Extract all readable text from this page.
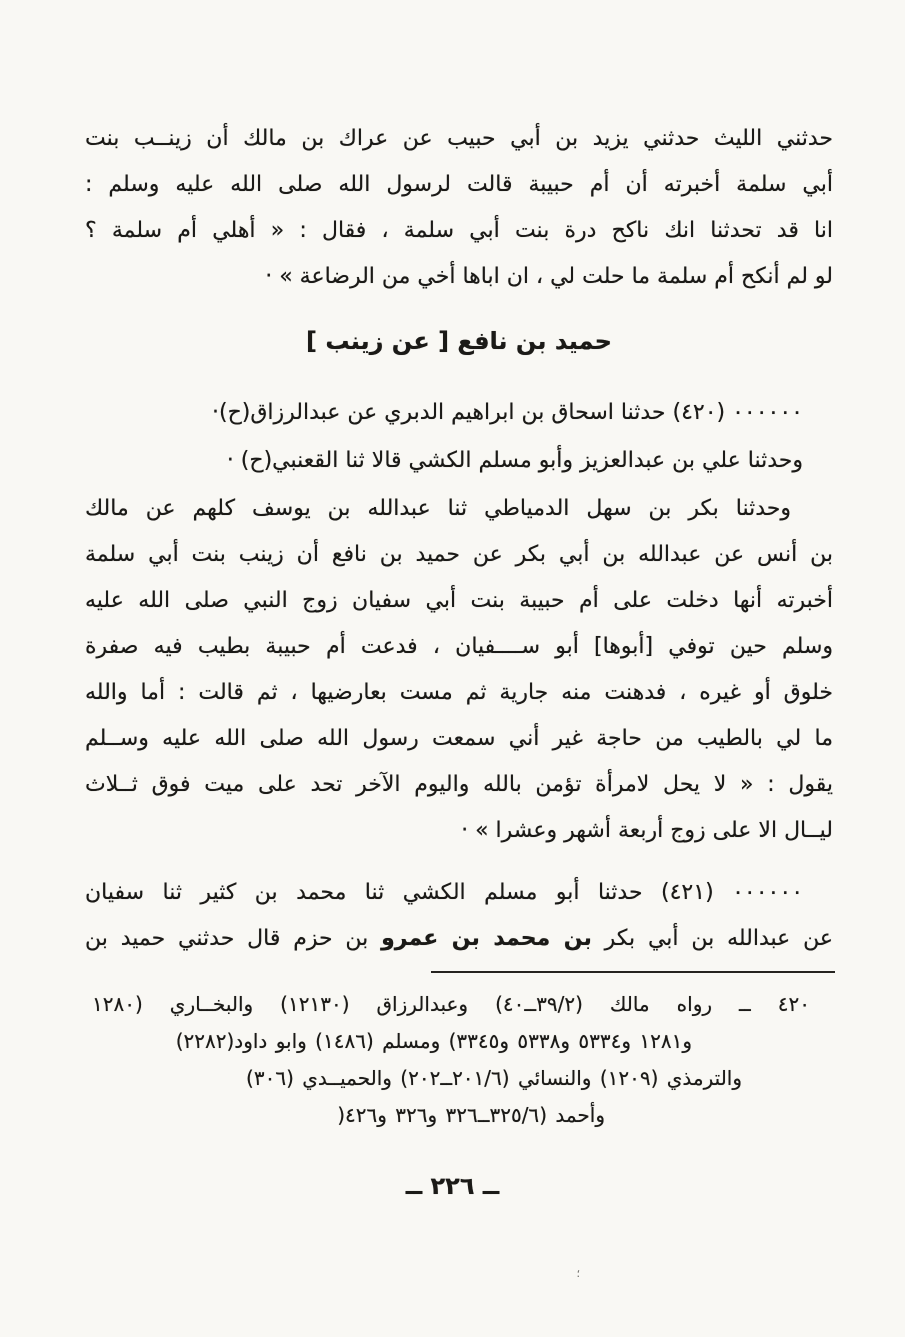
حدثني الليث حدثني يزيد بن أبي حبيب عن عراك بن مالك أن زينــب بنت
أبي سلمة أخبرته أن أم حبيبة قالت لرسول الله صلى الله عليه وسلم :
انا قد تحدثنا انك ناكح درة بنت أبي سلمة ، فقال : « أهلي أم سلمة ؟
لو لم أنكح أم سلمة ما حلت لي ، ان اباها أخي من الرضاعة » ·
حميد بن نافع [ عن زينب ]
٠٠٠٠٠٠ (٤٢٠) حدثنا اسحاق بن ابراهيم الدبري عن عبدالرزاق(ح)·
وحدثنا علي بن عبدالعزيز وأبو مسلم الكشي قالا ثنا القعنبي(ح) ·
وحدثنا بكر بن سهل الدمياطي ثنا عبدالله بن يوسف كلهم عن مالك
بن أنس عن عبدالله بن أبي بكر عن حميد بن نافع أن زينب بنت أبي سلمة
أخبرته أنها دخلت على أم حبيبة بنت أبي سفيان زوج النبي صلى الله عليه
وسلم حين توفي [أبوها] أبو ســــفيان ، فدعت أم حبيبة بطيب فيه صفرة
خلوق أو غيره ، فدهنت منه جارية ثم مست بعارضيها ، ثم قالت : أما والله
ما لي بالطيب من حاجة غير أني سمعت رسول الله صلى الله عليه وســلم
يقول : « لا يحل لامرأة تؤمن بالله واليوم الآخر تحد على ميت فوق ثــلاث
ليــال الا على زوج أربعة أشهر وعشرا » ·
٠٠٠٠٠٠ (٤٢١) حدثنا أبو مسلم الكشي ثنا محمد بن كثير ثنا سفيان
عن عبدالله بن أبي بكر بن محمد بن عمرو بن حزم قال حدثني حميد بن
٤٢٠ ــ رواه مالك (٣٩/٢ــ٤٠) وعبدالرزاق (١٢١٣٠) والبخــاري (١٢٨٠
و١٢٨١ و٥٣٣٤ و٥٣٣٨ و٣٣٤٥) ومسلم (١٤٨٦) وابو داود(٢٢٨٢)
والترمذي (١٢٠٩) والنسائي (٢٠١/٦ــ٢٠٢) والحميــدي (٣٠٦)
وأحمد (٣٢٥/٦ــ٣٢٦ و٣٢٦ و٤٢٦(
ــ ٢٢٦ ــ
؛
